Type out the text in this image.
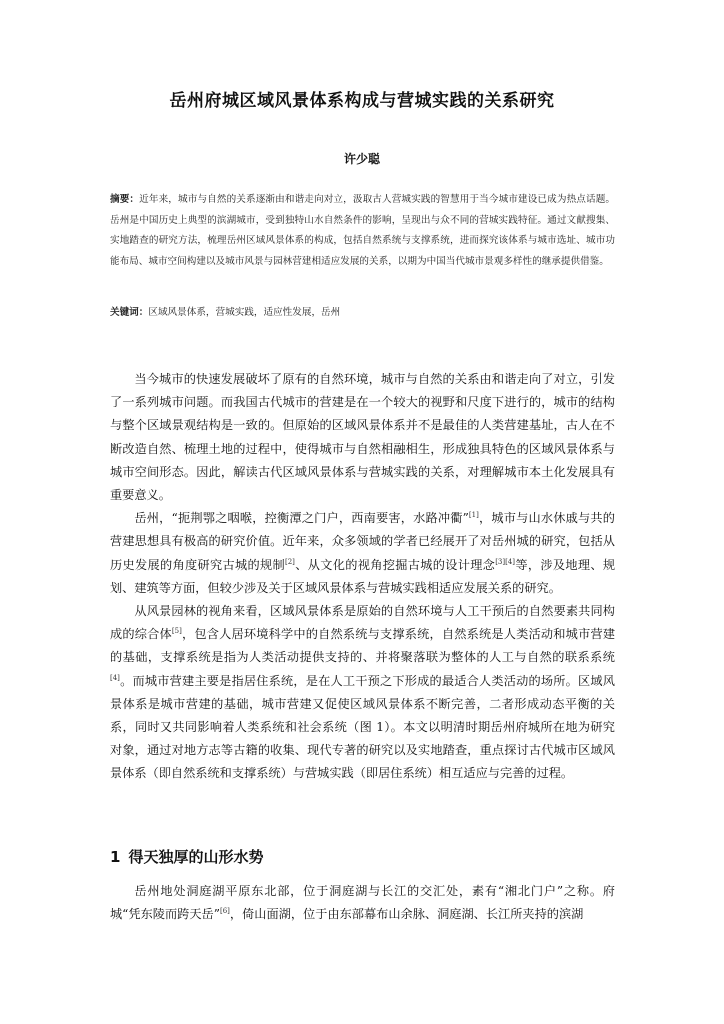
岳州府城区域风景体系构成与营城实践的关系研究
许少聪
摘要：近年来，城市与自然的关系逐渐由和谐走向对立，汲取古人营城实践的智慧用于当今城市建设已成为热点话题。岳州是中国历史上典型的滨湖城市，受到独特山水自然条件的影响，呈现出与众不同的营城实践特征。通过文献搜集、实地踏查的研究方法，梳理岳州区域风景体系的构成，包括自然系统与支撑系统，进而探究该体系与城市选址、城市功能布局、城市空间构建以及城市风景与园林营建相适应发展的关系，以期为中国当代城市景观多样性的继承提供借鉴。
关键词：区域风景体系，营城实践，适应性发展，岳州

当今城市的快速发展破坏了原有的自然环境，城市与自然的关系由和谐走向了对立，引发了一系列城市问题。而我国古代城市的营建是在一个较大的视野和尺度下进行的，城市的结构与整个区域景观结构是一致的。但原始的区域风景体系并不是最佳的人类营建基址，古人在不断改造自然、梳理土地的过程中，使得城市与自然相融相生，形成独具特色的区域风景体系与城市空间形态。因此，解读古代区域风景体系与营城实践的关系，对理解城市本土化发展具有重要意义。

岳州，“扼荆鄂之咽喉，控衡潭之门户，西南要害，水路冲衢”[1]，城市与山水休戚与共的营建思想具有极高的研究价值。近年来，众多领域的学者已经展开了对岳州城的研究，包括从历史发展的角度研究古城的规制[2]、从文化的视角挖掘古城的设计理念[3][4]等，涉及地理、规划、建筑等方面，但较少涉及关于区域风景体系与营城实践相适应发展关系的研究。

从风景园林的视角来看，区域风景体系是原始的自然环境与人工干预后的自然要素共同构成的综合体[5]，包含人居环境科学中的自然系统与支撑系统，自然系统是人类活动和城市营建的基础，支撑系统是指为人类活动提供支持的、并将聚落联为整体的人工与自然的联系系统[4]。而城市营建主要是指居住系统，是在人工干预之下形成的最适合人类活动的场所。区域风景体系是城市营建的基础，城市营建又促使区域风景体系不断完善，二者形成动态平衡的关系，同时又共同影响着人类系统和社会系统（图 1）。本文以明清时期岳州府城所在地为研究对象，通过对地方志等古籍的收集、现代专著的研究以及实地踏查，重点探讨古代城市区域风景体系（即自然系统和支撑系统）与营城实践（即居住系统）相互适应与完善的过程。

1 得天独厚的山形水势

岳州地处洞庭湖平原东北部，位于洞庭湖与长江的交汇处，素有“湘北门户”之称。府城“凭东陵而跨天岳”[6]，倚山面湖，位于由东部幕布山余脉、洞庭湖、长江所夹持的滨湖
